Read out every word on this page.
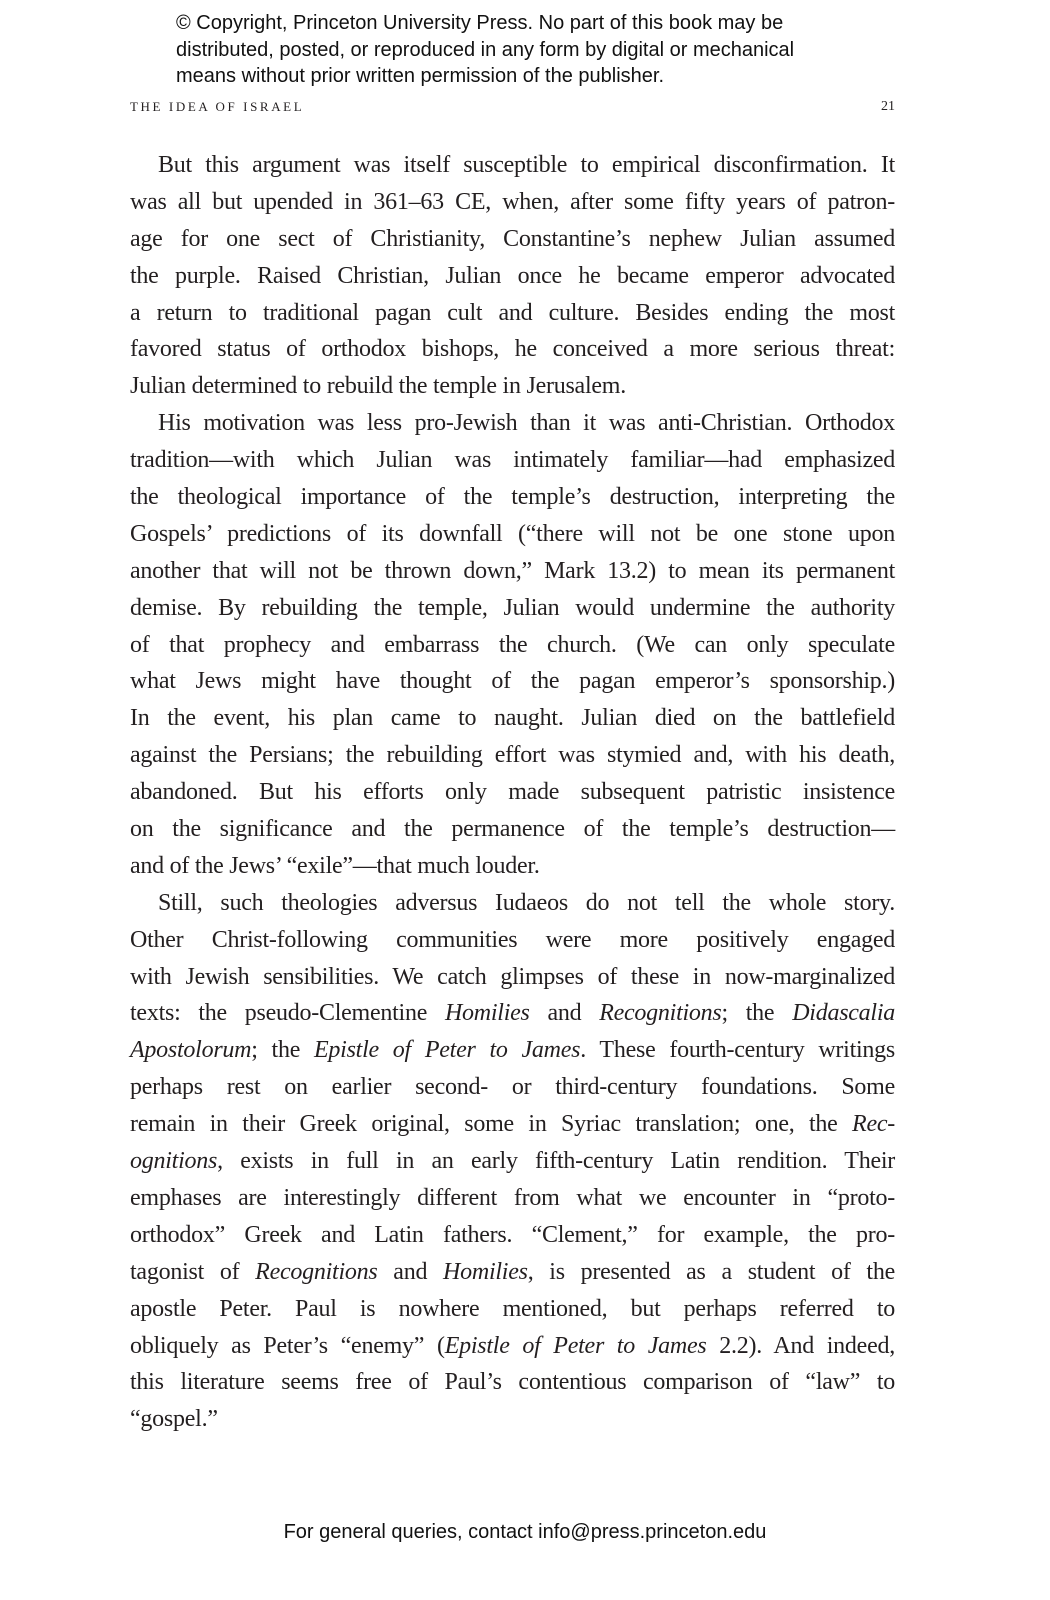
© Copyright, Princeton University Press. No part of this book may be
distributed, posted, or reproduced in any form by digital or mechanical
means without prior written permission of the publisher.
THE IDEA OF ISRAEL	21
But this argument was itself susceptible to empirical disconfirmation. It
was all but upended in 361–63 CE, when, after some fifty years of patron-
age for one sect of Christianity, Constantine’s nephew Julian assumed
the purple. Raised Christian, Julian once he became emperor advocated
a return to traditional pagan cult and culture. Besides ending the most
favored status of orthodox bishops, he conceived a more serious threat:
Julian determined to rebuild the temple in Jerusalem.
His motivation was less pro-Jewish than it was anti-Christian. Orthodox
tradition—with which Julian was intimately familiar—had emphasized
the theological importance of the temple’s destruction, interpreting the
Gospels’ predictions of its downfall (“there will not be one stone upon
another that will not be thrown down,” Mark 13.2) to mean its permanent
demise. By rebuilding the temple, Julian would undermine the authority
of that prophecy and embarrass the church. (We can only speculate
what Jews might have thought of the pagan emperor’s sponsorship.)
In the event, his plan came to naught. Julian died on the battlefield
against the Persians; the rebuilding effort was stymied and, with his death,
abandoned. But his efforts only made subsequent patristic insistence
on the significance and the permanence of the temple’s destruction—
and of the Jews’ “exile”—that much louder.
Still, such theologies adversus Iudaeos do not tell the whole story.
Other Christ-following communities were more positively engaged
with Jewish sensibilities. We catch glimpses of these in now-marginalized
texts: the pseudo-Clementine Homilies and Recognitions; the Didascalia
Apostolorum; the Epistle of Peter to James. These fourth-century writings
perhaps rest on earlier second- or third-century foundations. Some
remain in their Greek original, some in Syriac translation; one, the Rec-
ognitions, exists in full in an early fifth-century Latin rendition. Their
emphases are interestingly different from what we encounter in “proto-
orthodox” Greek and Latin fathers. “Clement,” for example, the pro-
tagonist of Recognitions and Homilies, is presented as a student of the
apostle Peter. Paul is nowhere mentioned, but perhaps referred to
obliquely as Peter’s “enemy” (Epistle of Peter to James 2.2). And indeed,
this literature seems free of Paul’s contentious comparison of “law” to
“gospel.”
For general queries, contact info@press.princeton.edu
